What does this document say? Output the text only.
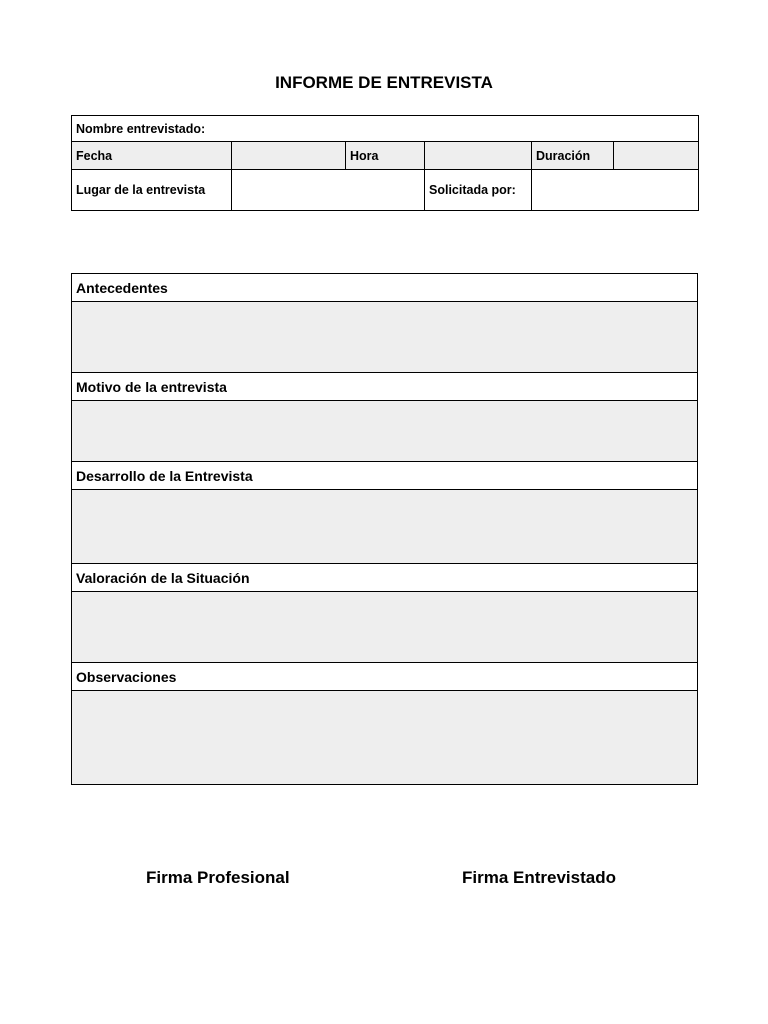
INFORME DE ENTREVISTA
Nombre entrevistado:					
Fecha		Hora		Duración	
Lugar de la entrevista			Solicitada por:		
Antecedentes
Motivo de la entrevista
Desarrollo de la Entrevista
Valoración de la Situación
Observaciones
Firma Profesional	Firma Entrevistado
